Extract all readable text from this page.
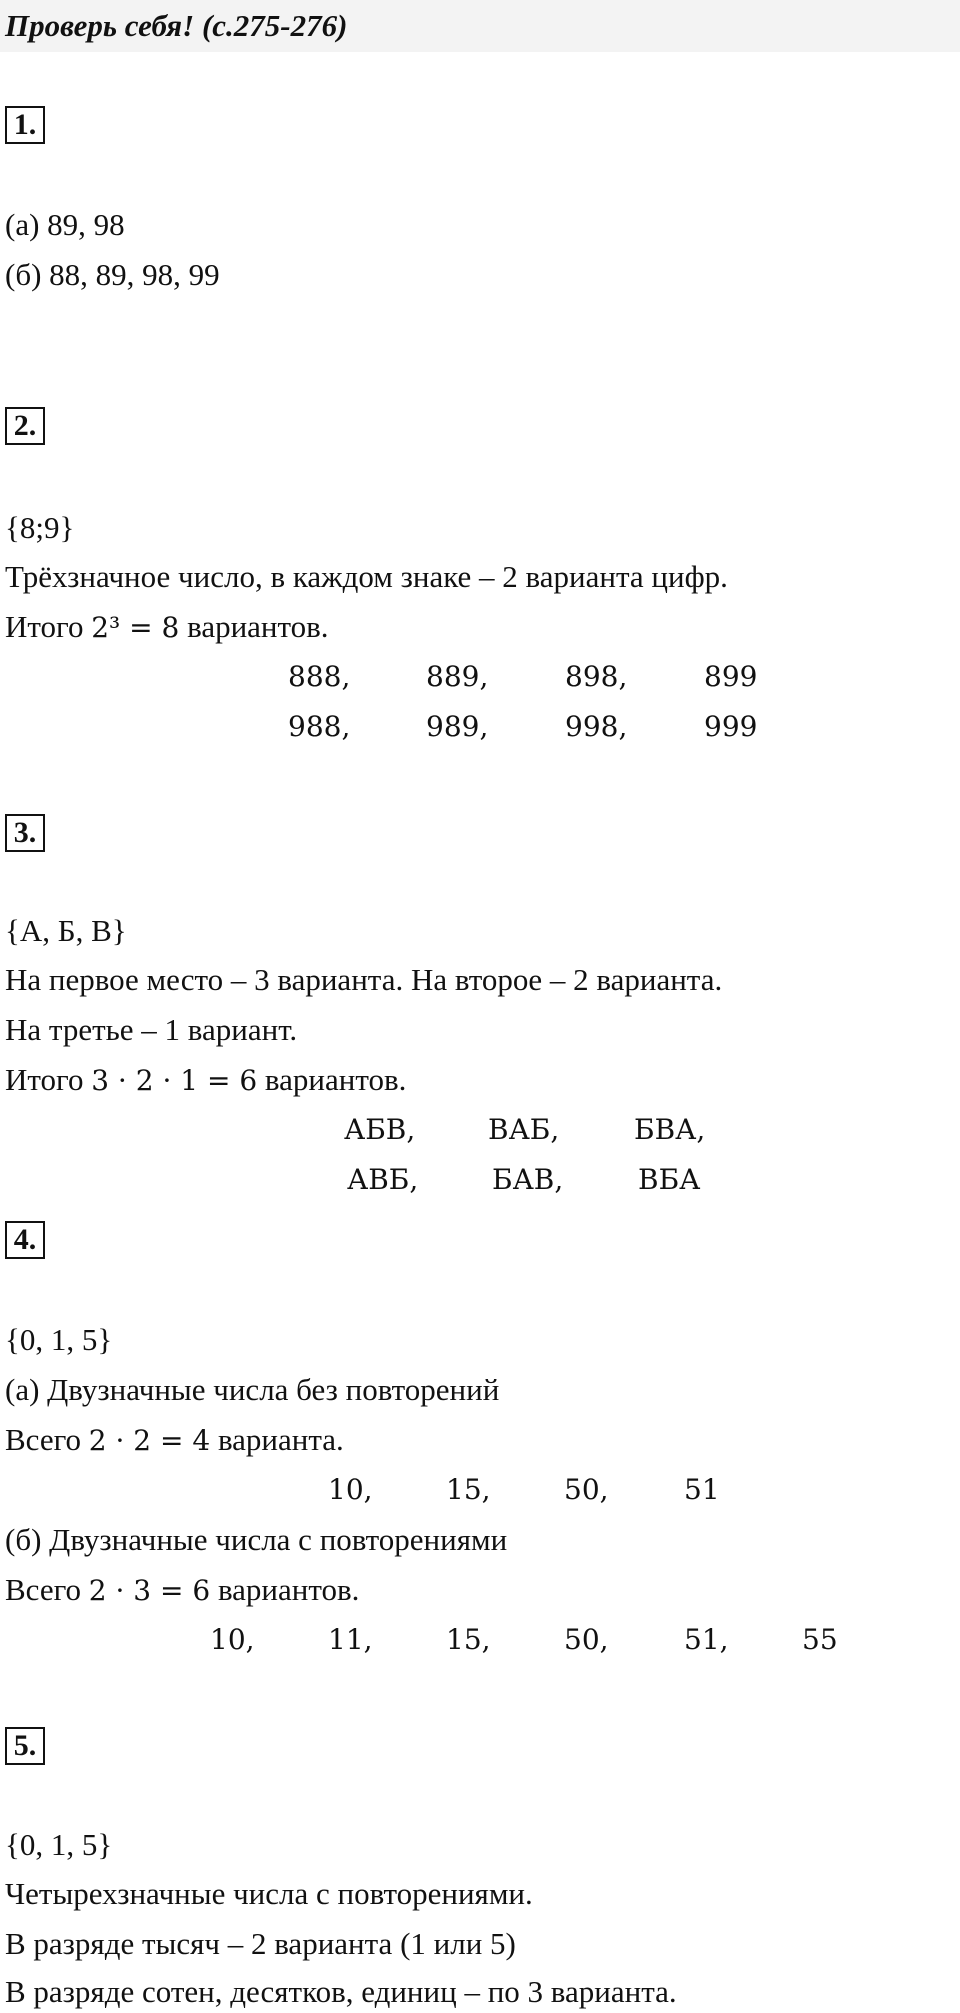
Проверь себя! (с.275-276)
1.
(а) 89, 98
(б) 88, 89, 98, 99
2.
{8;9}
Трёхзначное число, в каждом знаке – 2 варианта цифр.
Итого 2³ = 8 вариантов.
888,	889,	898,	899
988,	989,	998,	999
3.
{А, Б, В}
На первое место – 3 варианта. На вторoе – 2 варианта.
На третье – 1 вариант.
Итого 3 · 2 · 1 = 6 вариантов.
АБВ,	ВАБ,	БВА,
АВБ,	БАВ,	ВБА
4.
{0, 1, 5}
(а) Двузначные числа без повторений
Всего 2 · 2 = 4 варианта.
10,	15,	50,	51
(б) Двузначные числа с повторениями
Всего 2 · 3 = 6 вариантов.
10,	11,	15,	50,	51,	55
5.
{0, 1, 5}
Четырехзначные числа с повторениями.
В разряде тысяч – 2 варианта (1 или 5)
В разряде сотен, десятков, единиц – по 3 варианта.
